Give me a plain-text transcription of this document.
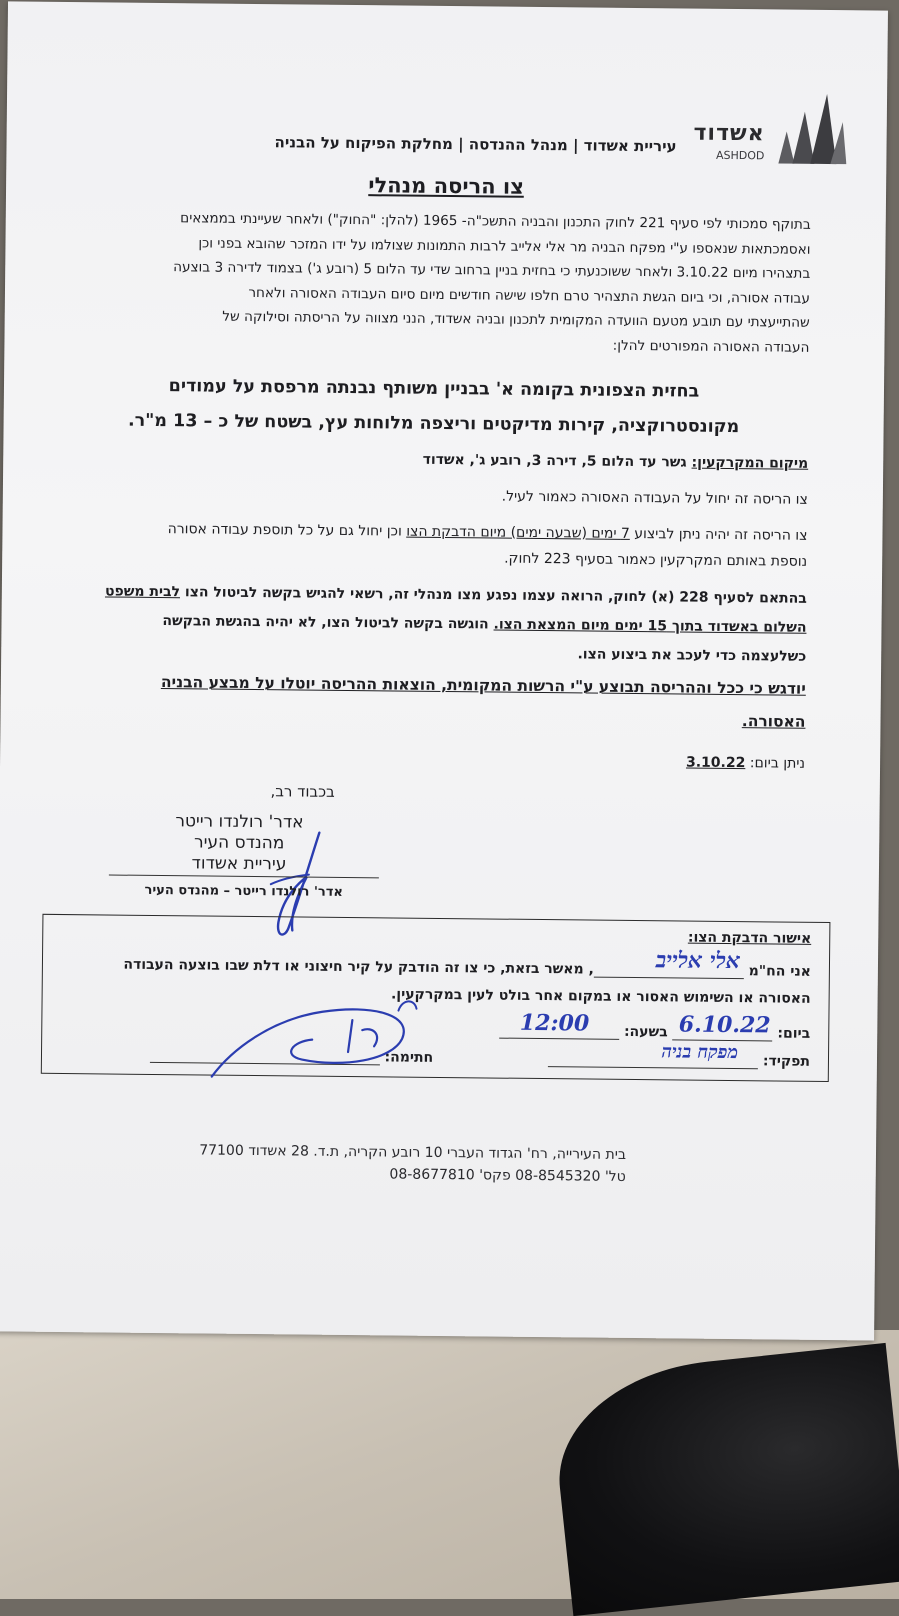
אשדוד
ASHDOD
עיריית אשדוד | מנהל ההנדסה | מחלקת הפיקוח על הבניה
צו הריסה מנהלי
בתוקף סמכותי לפי סעיף 221 לחוק התכנון והבניה התשכ"ה- 1965 (להלן: "החוק") ולאחר שעיינתי בממצאים
ואסמכתאות שנאספו ע"י מפקח הבניה מר אלי אלייב לרבות התמונות שצולמו על ידו המזכר שהובא בפני וכן
בתצהירו מיום 3.10.22 ולאחר ששוכנעתי כי בחזית בניין ברחוב שדי עד הלום 5 (רובע ג') בצמוד לדירה 3 בוצעה
עבודה אסורה, וכי ביום הגשת התצהיר טרם חלפו שישה חודשים מיום סיום העבודה האסורה ולאחר
שהתייעצתי עם תובע מטעם הוועדה המקומית לתכנון ובניה אשדוד, הנני מצווה על הריסתה וסילוקה של
העבודה האסורה המפורטים להלן:
בחזית הצפונית בקומה א' בבניין משותף נבנתה מרפסת על עמודים
מקונסטרוקציה, קירות מדיקטים וריצפה מלוחות עץ, בשטח של כ – 13 מ"ר.
מיקום המקרקעין: גשר עד הלום 5, דירה 3, רובע ג', אשדוד
צו הריסה זה יחול על העבודה האסורה כאמור לעיל.
צו הריסה זה יהיה ניתן לביצוע 7 ימים (שבעה ימים) מיום הדבקת הצו וכן יחול גם על כל תוספת עבודה אסורה
נוספת באותם המקרקעין כאמור בסעיף 223 לחוק.
בהתאם לסעיף 228 (א) לחוק, הרואה עצמו נפגע מצו מנהלי זה, רשאי להגיש בקשה לביטול הצו לבית משפט
השלום באשדוד בתוך 15 ימים מיום המצאת הצו. הוגשה בקשה לביטול הצו, לא יהיה בהגשת הבקשה
כשלעצמה כדי לעכב את ביצוע הצו.
יודגש כי ככל וההריסה תבוצע ע"י הרשות המקומית, הוצאות ההריסה יוטלו על מבצע הבניה
האסורה.
ניתן ביום: 3.10.22
בכבוד רב,
אדר' רולנדו רייטר
מהנדס העיר
עיריית אשדוד
אדר' רולנדו רייטר – מהנדס העיר
אישור הדבקת הצו:
אני הח"מ
אלי אלייב
, מאשר בזאת, כי צו זה הודבק על קיר חיצוני או דלת שבו בוצעה העבודה
האסורה או השימוש האסור או במקום אחר בולט לעין במקרקעין.
ביום:
6.10.22
בשעה:
12:00
תפקיד:
מפקח בניה
חתימה:
בית העירייה, רח' הגדוד העברי 10 רובע הקריה, ת.ד. 28 אשדוד 77100
טל' 08-8545320 פקס' 08-8677810
